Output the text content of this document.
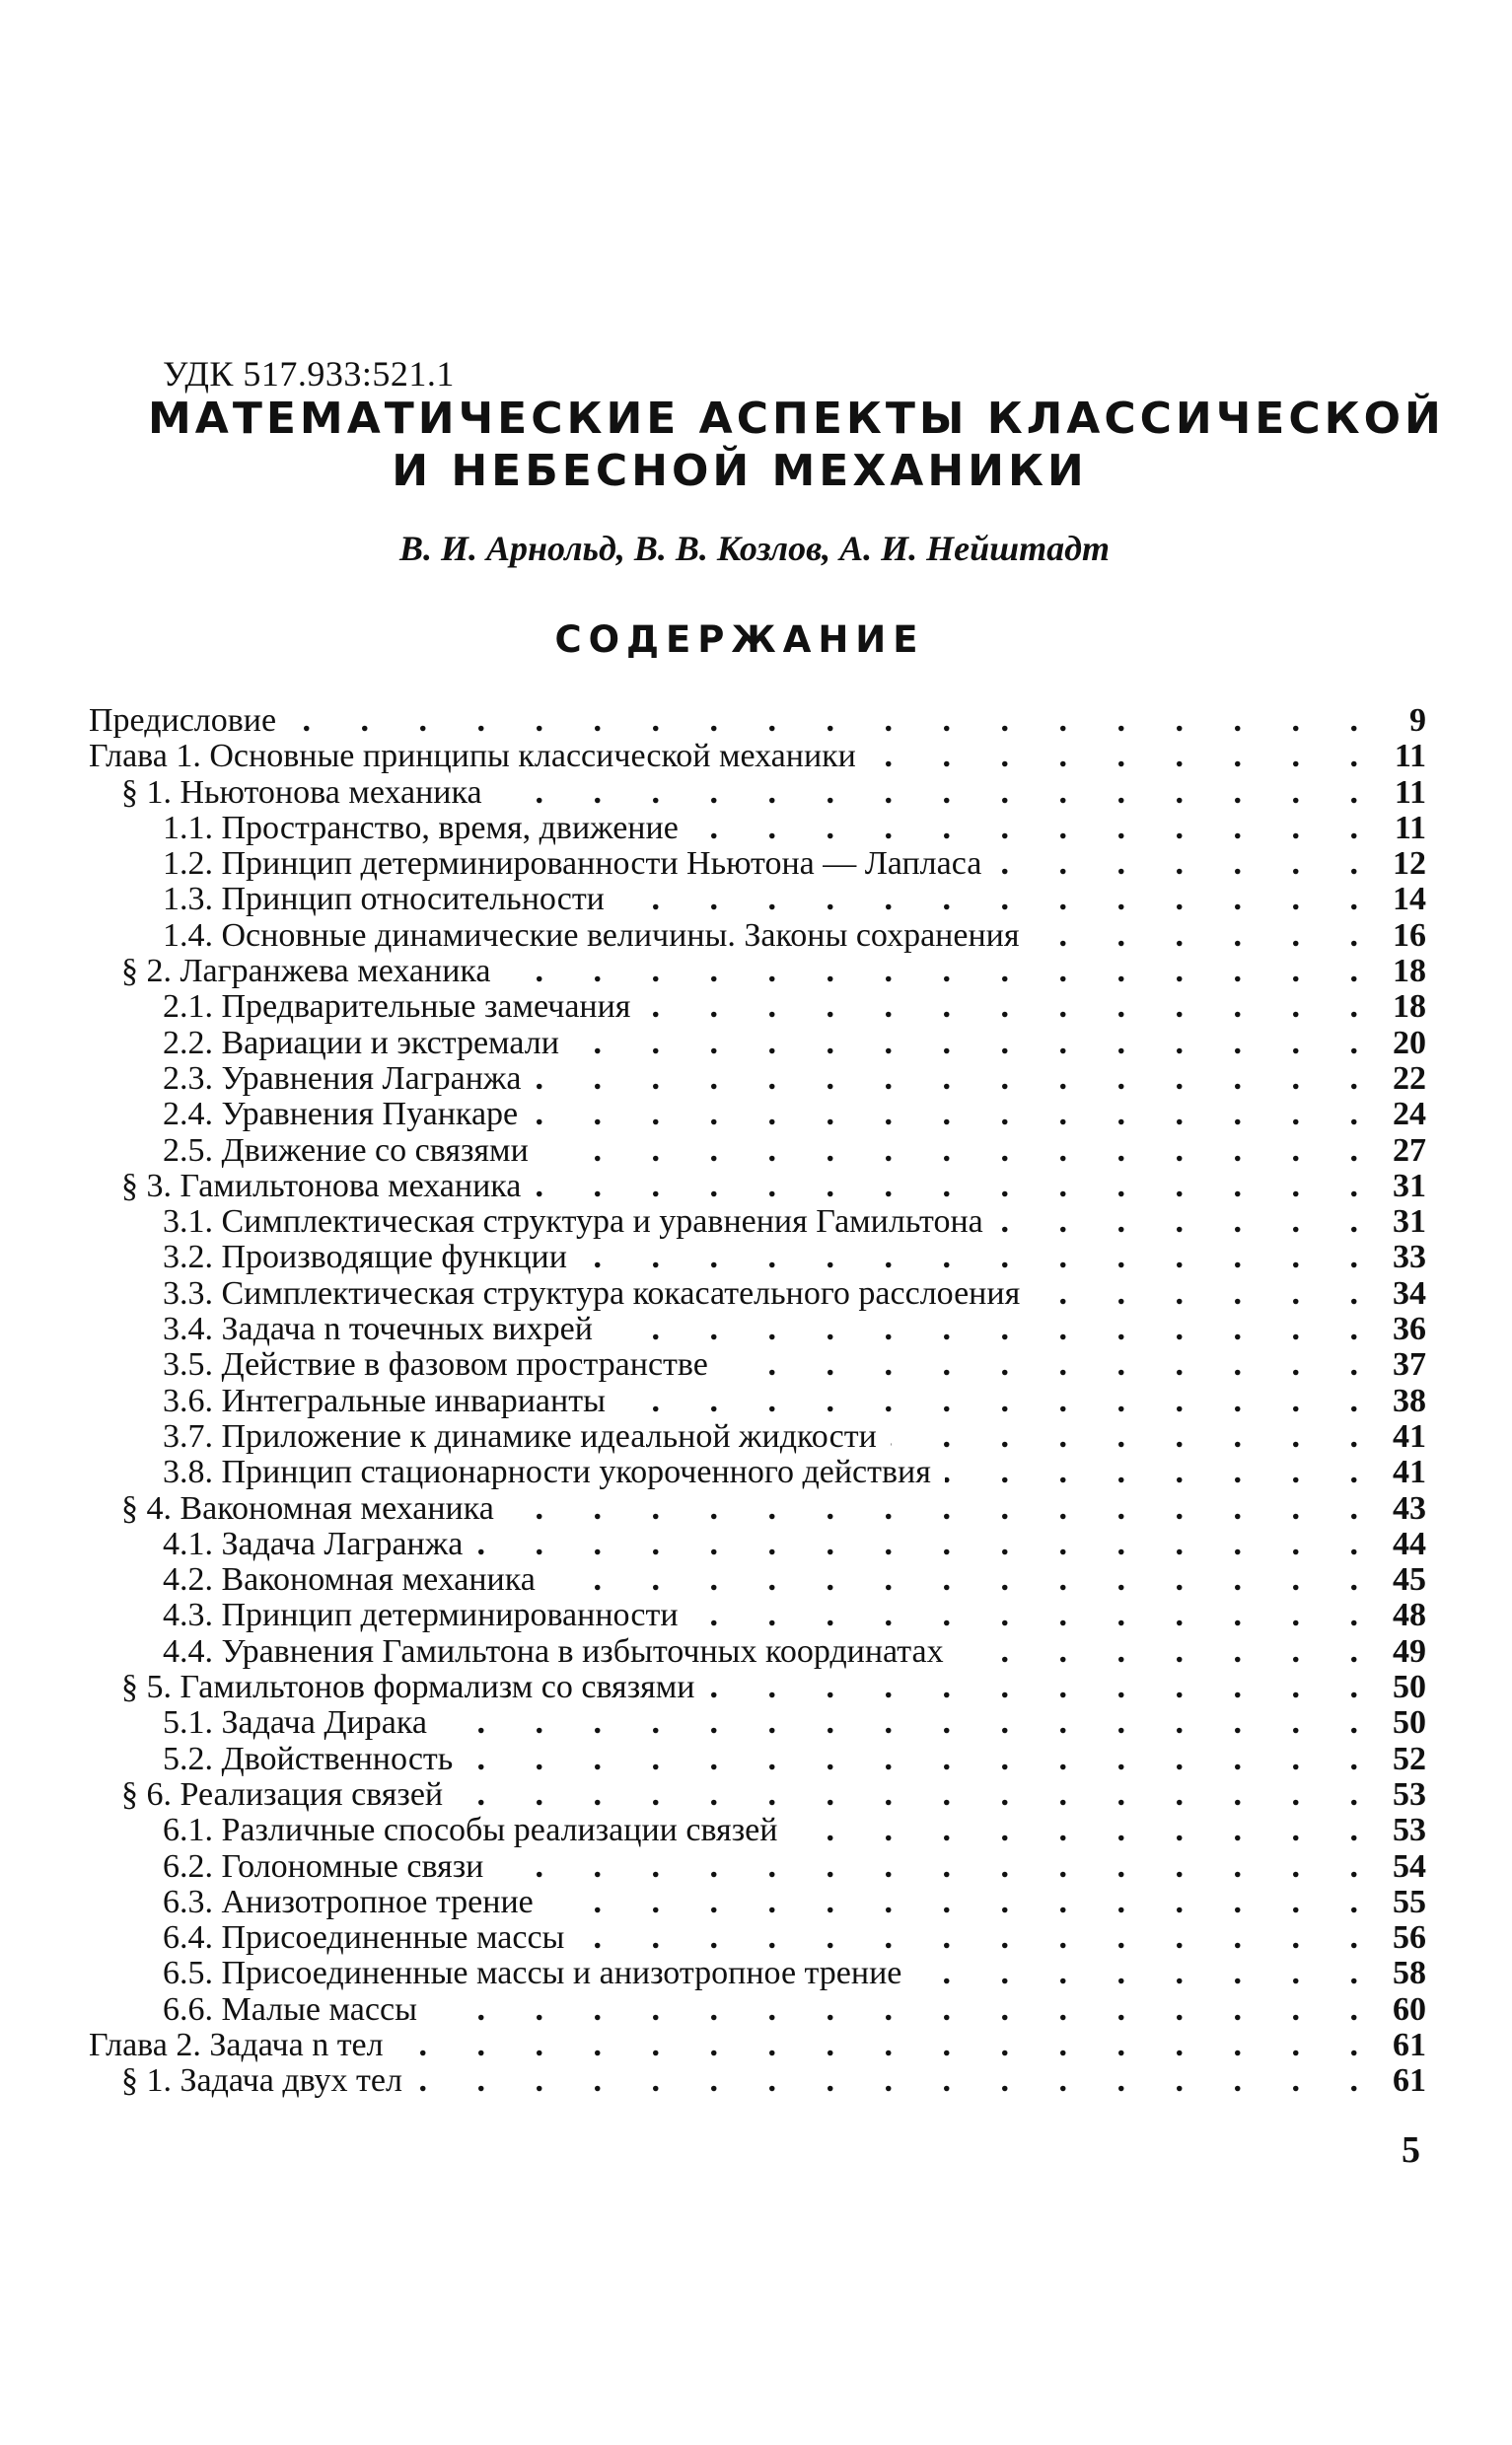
УДК 517.933:521.1
МАТЕМАТИЧЕСКИЕ АСПЕКТЫ КЛАССИЧЕСКОЙ
И НЕБЕСНОЙ МЕХАНИКИ
В. И. Арнольд, В. В. Козлов, А. И. Нейштадт
СОДЕРЖАНИЕ
Предисловие . . .	9
Глава 1. Основные принципы классической механики . . .	11
§ 1. Ньютонова механика . . .	11
1.1. Пространство, время, движение . . .	11
1.2. Принцип детерминированности Ньютона — Лапласа . . .	12
1.3. Принцип относительности . . .	14
1.4. Основные динамические величины. Законы сохранения . . .	16
§ 2. Лагранжева механика . . .	18
2.1. Предварительные замечания . . .	18
2.2. Вариации и экстремали . . .	20
2.3. Уравнения Лагранжа . . .	22
2.4. Уравнения Пуанкаре . . .	24
2.5. Движение со связями . . .	27
§ 3. Гамильтонова механика . . .	31
3.1. Симплектическая структура и уравнения Гамильтона . . .	31
3.2. Производящие функции . . .	33
3.3. Симплектическая структура кокасательного расслоения . . .	34
3.4. Задача n точечных вихрей . . .	36
3.5. Действие в фазовом пространстве . . .	37
3.6. Интегральные инварианты . . .	38
3.7. Приложение к динамике идеальной жидкости . . .	41
3.8. Принцип стационарности укороченного действия . . .	41
§ 4. Вакономная механика . . .	43
4.1. Задача Лагранжа . . .	44
4.2. Вакономная механика . . .	45
4.3. Принцип детерминированности . . .	48
4.4. Уравнения Гамильтона в избыточных координатах . . .	49
§ 5. Гамильтонов формализм со связями . . .	50
5.1. Задача Дирака . . .	50
5.2. Двойственность . . .	52
§ 6. Реализация связей . . .	53
6.1. Различные способы реализации связей . . .	53
6.2. Голономные связи . . .	54
6.3. Анизотропное трение . . .	55
6.4. Присоединенные массы . . .	56
6.5. Присоединенные массы и анизотропное трение . . .	58
6.6. Малые массы . . .	60
Глава 2. Задача n тел . . .	61
§ 1. Задача двух тел . . .	61
5
